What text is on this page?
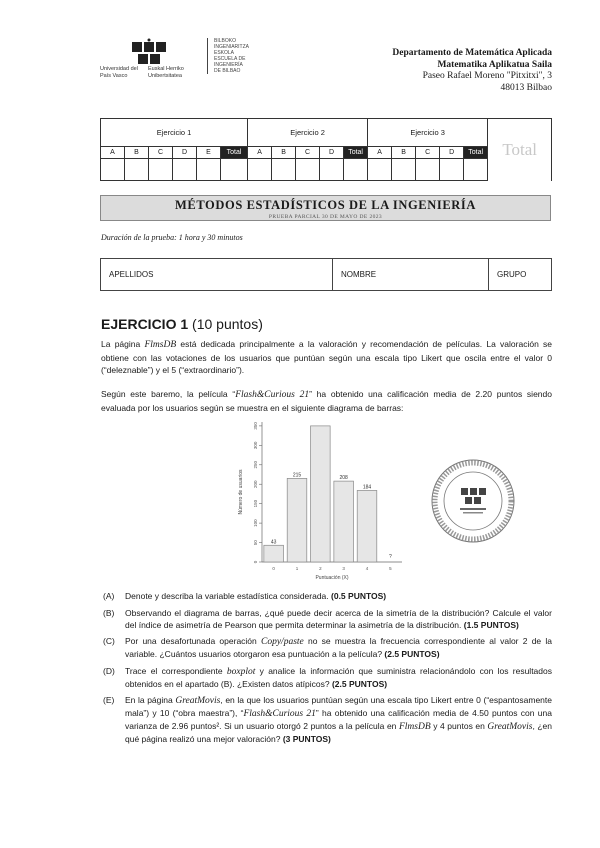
Universidad del País Vasco
Euskal Herriko Unibertsitatea
BILBOKO
INGENIARITZA
ESKOLA
ESCUELA DE
INGENIERÍA
DE BILBAO
Departamento de Matemática Aplicada
Matematika Aplikatua Saila
Paseo Rafael Moreno "Pitxitxi", 3
48013 Bilbao
Ejercicio 1						Ejercicio 2					Ejercicio 3					Total
A	B	C	D	E	Total	A	B	C	D	Total	A	B	C	D	Total	

MÉTODOS ESTADÍSTICOS DE LA INGENIERÍA
PRUEBA PARCIAL 30 DE MAYO DE 2023
Duración de la prueba: 1 hora y 30 minutos
APELLIDOS	NOMBRE	GRUPO
EJERCICIO 1 (10 puntos)
La página FlmsDB está dedicada principalmente a la valoración y recomendación de películas. La valoración se obtiene con las votaciones de los usuarios que puntúan según una escala tipo Likert que oscila entre el valor 0 (“deleznable”) y el 5 (“extraordinario”).
Según este baremo, la película “Flash&Curious 21” ha obtenido una calificación media de 2.20 puntos siendo evaluada por los usuarios según se muestra en el siguiente diagrama de barras:
0
50
100
150
200
250
300
350
43
0
215
1	2
208
3
184
4
?
5
Puntuación (X)
Número de usuarios
(A) Denote y describa la variable estadística considerada. (0.5 PUNTOS)
(B) Observando el diagrama de barras, ¿qué puede decir acerca de la simetría de la distribución? Calcule el valor del índice de asimetría de Pearson que permita determinar la asimetría de la distribución. (1.5 PUNTOS)
(C) Por una desafortunada operación Copy/paste no se muestra la frecuencia correspondiente al valor 2 de la variable. ¿Cuántos usuarios otorgaron esa puntuación a la película? (2.5 PUNTOS)
(D) Trace el correspondiente boxplot y analice la información que suministra relacionándolo con los resultados obtenidos en el apartado (B). ¿Existen datos atípicos? (2.5 PUNTOS)
(E) En la página GreatMovis, en la que los usuarios puntúan según una escala tipo Likert entre 0 (“espantosamente mala”) y 10 (“obra maestra”), “Flash&Curious 21” ha obtenido una calificación media de 4.50 puntos con una varianza de 2.96 puntos². Si un usuario otorgó 2 puntos a la película en FlmsDB y 4 puntos en GreatMovis, ¿en qué página realizó una mejor valoración? (3 PUNTOS)
